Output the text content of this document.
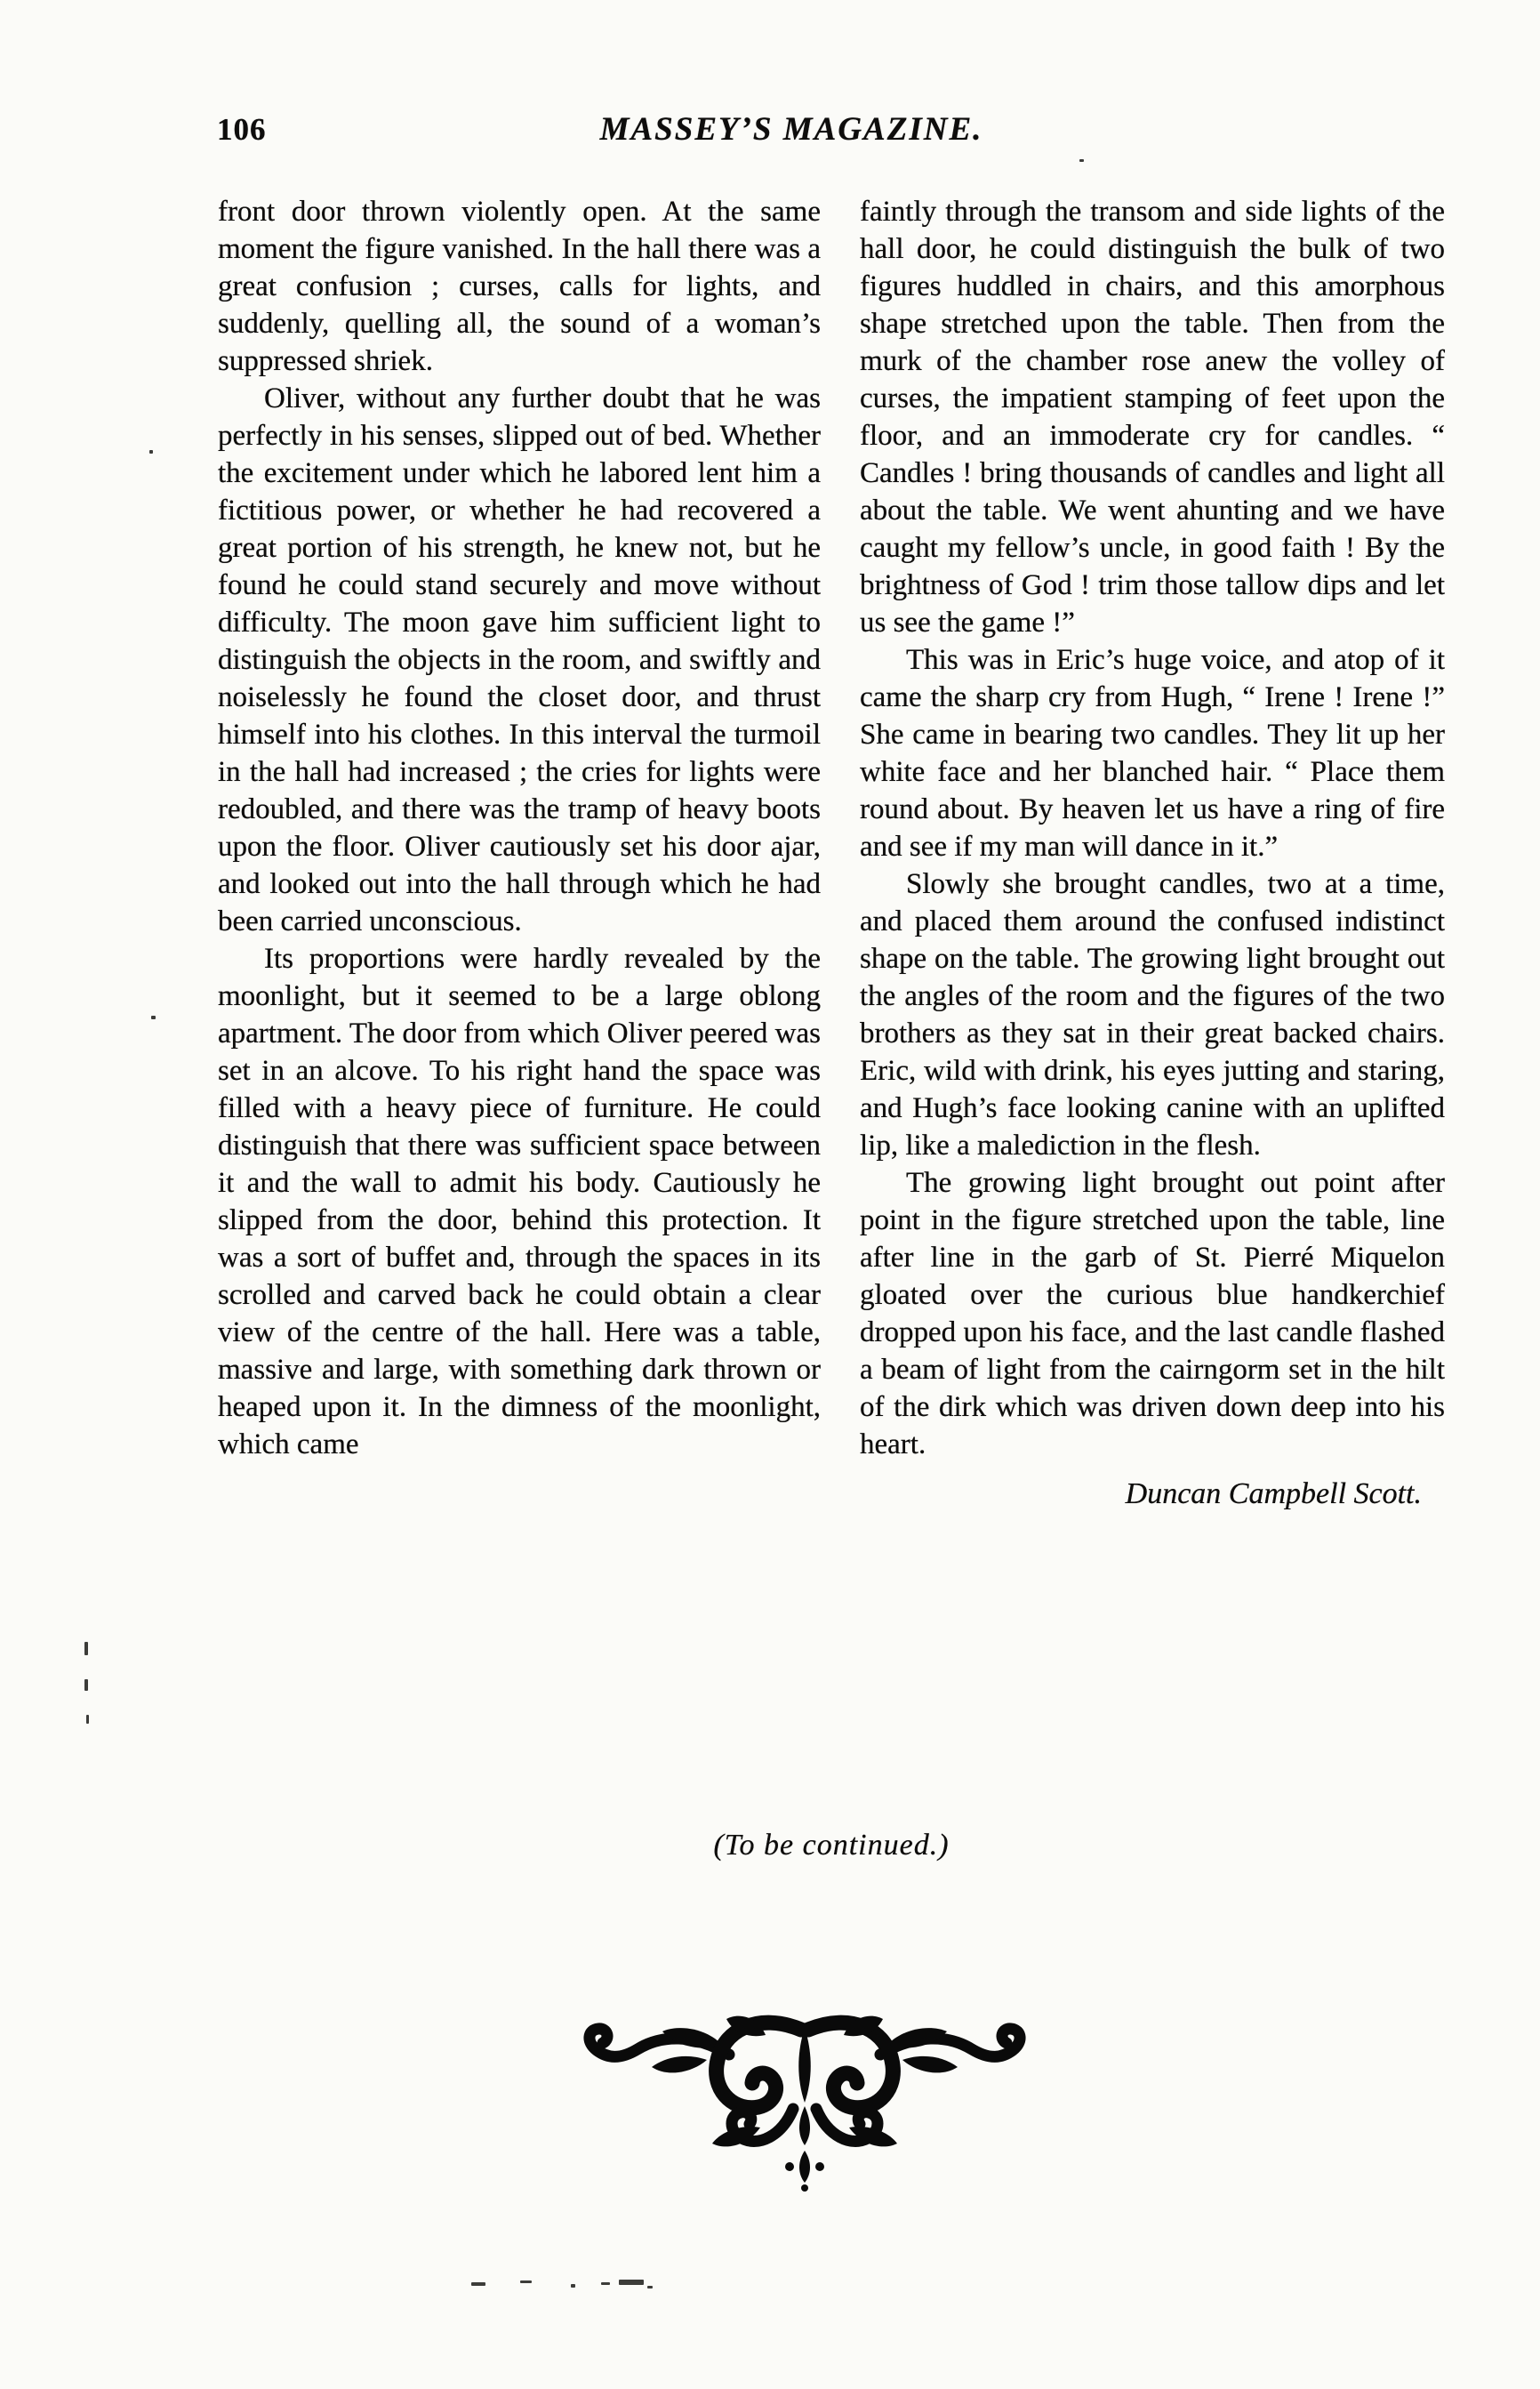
106	MASSEY’S MAGAZINE.

front door thrown violently open. At the same moment the figure vanished. In the hall there was a great confusion ; curses, calls for lights, and suddenly, quelling all, the sound of a woman’s suppressed shriek.

Oliver, without any further doubt that he was perfectly in his senses, slipped out of bed. Whether the excitement under which he labored lent him a fictitious power, or whether he had recovered a great portion of his strength, he knew not, but he found he could stand securely and move without difficulty. The moon gave him sufficient light to distinguish the objects in the room, and swiftly and noiselessly he found the closet door, and thrust himself into his clothes. In this interval the turmoil in the hall had increased ; the cries for lights were redoubled, and there was the tramp of heavy boots upon the floor. Oliver cautiously set his door ajar, and looked out into the hall through which he had been carried unconscious.

Its proportions were hardly revealed by the moonlight, but it seemed to be a large oblong apartment. The door from which Oliver peered was set in an alcove. To his right hand the space was filled with a heavy piece of furniture. He could distinguish that there was sufficient space between it and the wall to admit his body. Cautiously he slipped from the door, behind this protection. It was a sort of buffet and, through the spaces in its scrolled and carved back he could obtain a clear view of the centre of the hall. Here was a table, massive and large, with something dark thrown or heaped upon it. In the dimness of the moonlight, which came

faintly through the transom and side lights of the hall door, he could distinguish the bulk of two figures huddled in chairs, and this amorphous shape stretched upon the table. Then from the murk of the chamber rose anew the volley of curses, the impatient stamping of feet upon the floor, and an immoderate cry for candles. “ Candles ! bring thousands of candles and light all about the table. We went ahunting and we have caught my fellow’s uncle, in good faith ! By the brightness of God ! trim those tallow dips and let us see the game !”

This was in Eric’s huge voice, and atop of it came the sharp cry from Hugh, “ Irene ! Irene !” She came in bearing two candles. They lit up her white face and her blanched hair. “ Place them round about. By heaven let us have a ring of fire and see if my man will dance in it.”

Slowly she brought candles, two at a time, and placed them around the confused indistinct shape on the table. The growing light brought out the angles of the room and the figures of the two brothers as they sat in their great backed chairs. Eric, wild with drink, his eyes jutting and staring, and Hugh’s face looking canine with an uplifted lip, like a malediction in the flesh.

The growing light brought out point after point in the figure stretched upon the table, line after line in the garb of St. Pierré Miquelon gloated over the curious blue handkerchief dropped upon his face, and the last candle flashed a beam of light from the cairngorm set in the hilt of the dirk which was driven down deep into his heart.

Duncan Campbell Scott.
(To be continued.)
